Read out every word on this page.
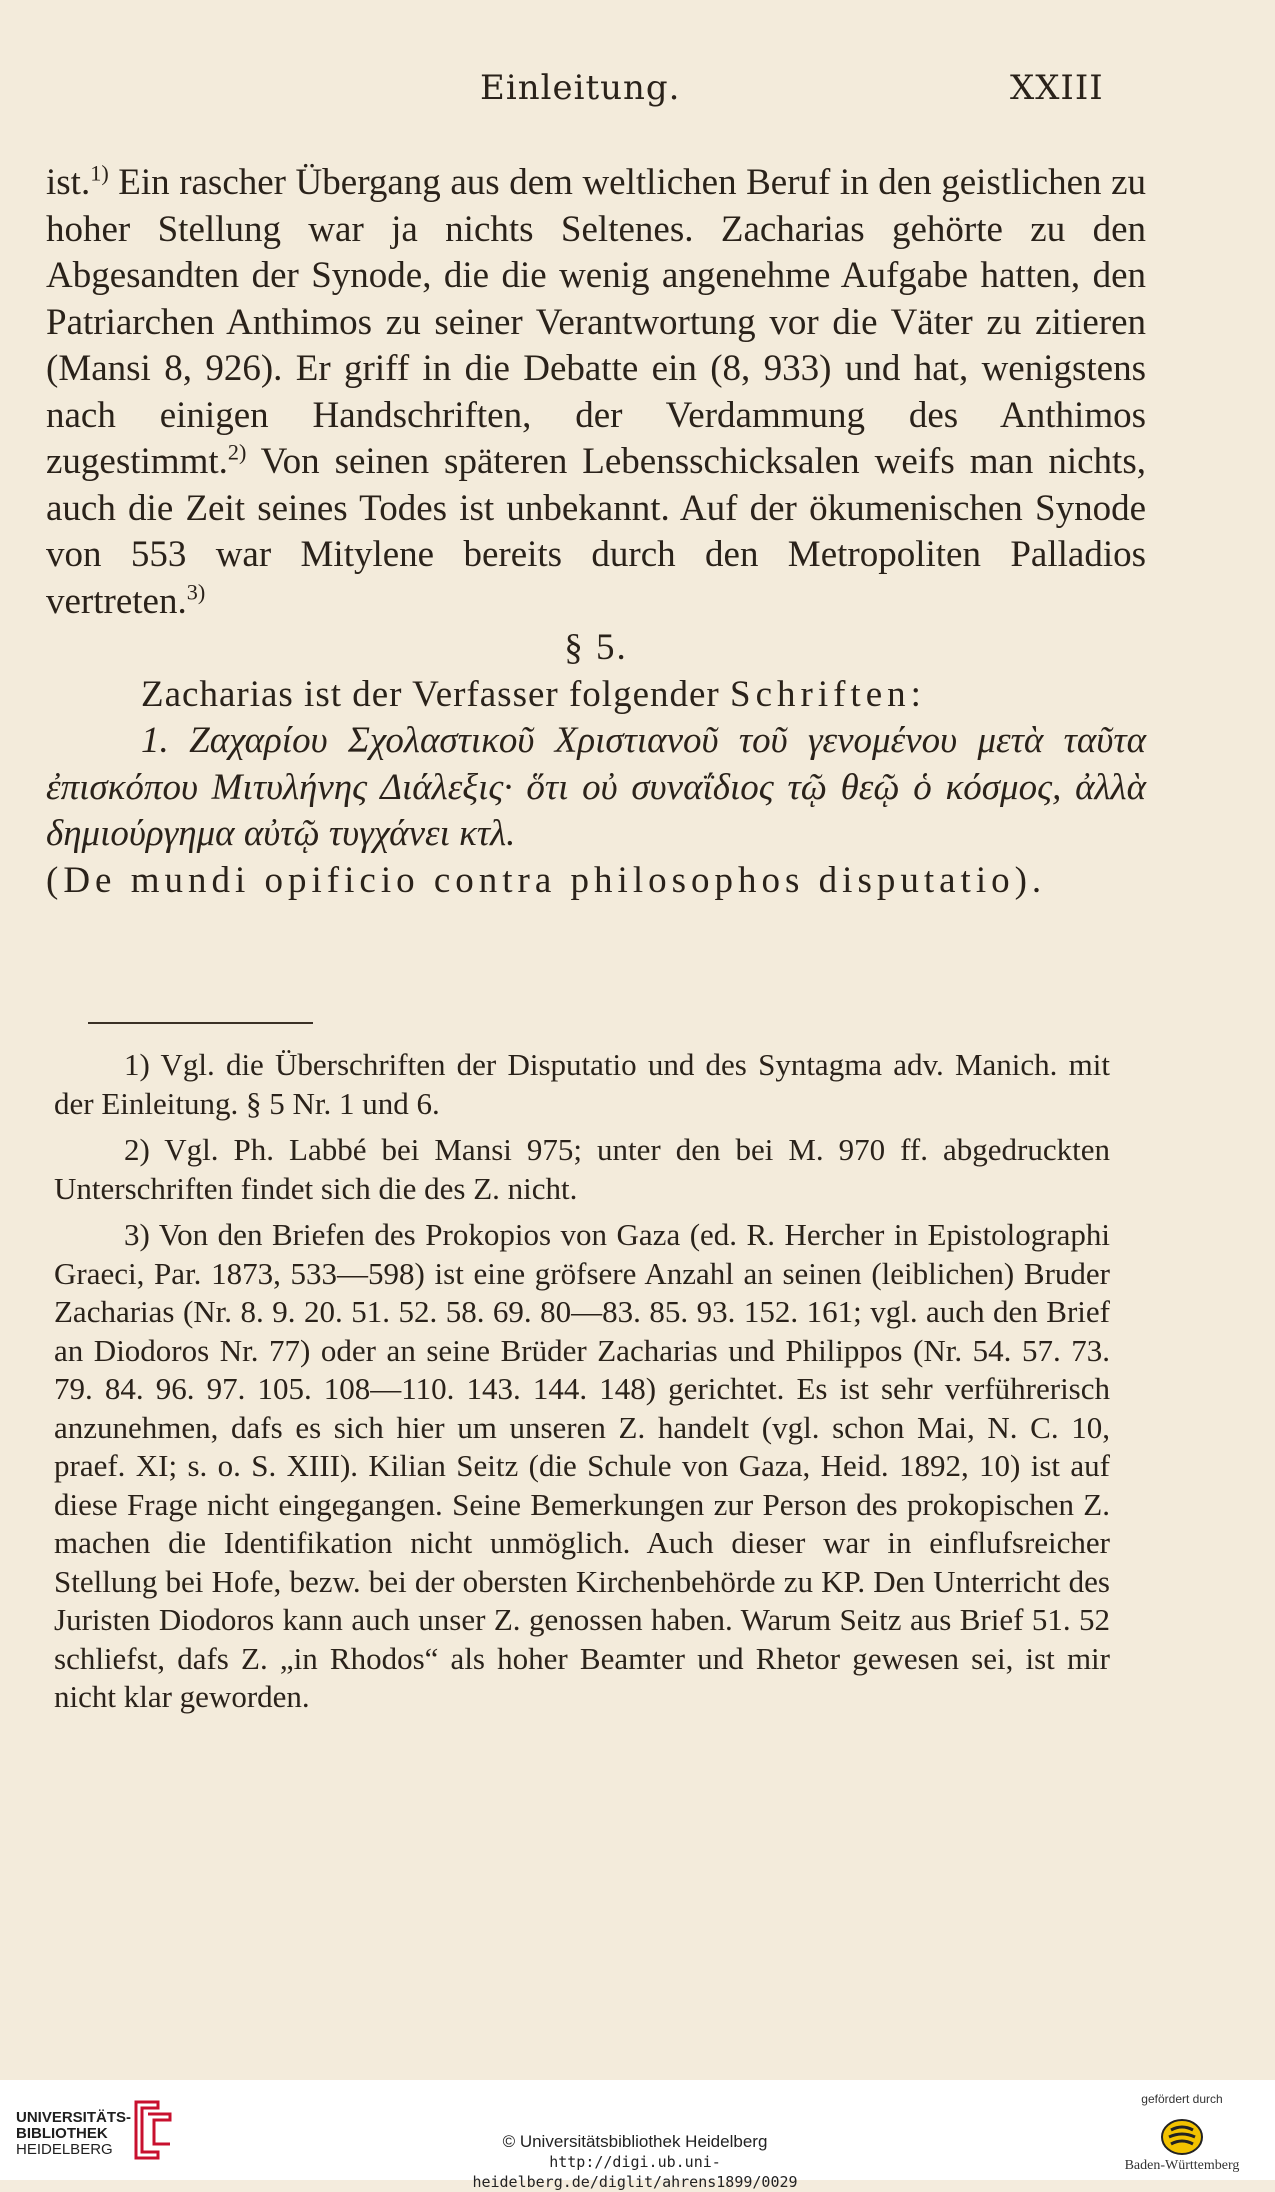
Einleitung.	XXIII

ist.$^{1)}$ Ein rascher Übergang aus dem weltlichen Beruf in den geistlichen zu hoher Stellung war ja nichts Seltenes. Zacharias gehörte zu den Abgesandten der Synode, die die wenig angenehme Aufgabe hatten, den Patriarchen Anthimos zu seiner Verantwortung vor die Väter zu zitieren (Mansi 8, 926). Er griff in die Debatte ein (8, 933) und hat, wenigstens nach einigen Handschriften, der Verdammung des Anthimos zugestimmt.$^{2)}$ Von seinen späteren Lebensschicksalen weifs man nichts, auch die Zeit seines Todes ist unbekannt. Auf der ökumenischen Synode von 553 war Mitylene bereits durch den Metropoliten Palladios vertreten.$^{3)}$

§ 5.

Zacharias ist der Verfasser folgender Schriften:

1. Ζαχαρίου Σχολαστικοῦ Χριστιανοῦ τοῦ γενομένου μετὰ ταῦτα ἐπισκόπου Μιτυλήνης Διάλεξις· ὅτι οὐ συναΐδιος τῷ θεῷ ὁ κόσμος, ἀλλὰ δημιούργημα αὐτῷ τυγχάνει κτλ.

(De mundi opificio contra philosophos disputatio).

1) Vgl. die Überschriften der Disputatio und des Syntagma adv. Manich. mit der Einleitung. § 5 Nr. 1 und 6.

2) Vgl. Ph. Labbé bei Mansi 975; unter den bei M. 970 ff. abgedruckten Unterschriften findet sich die des Z. nicht.

3) Von den Briefen des Prokopios von Gaza (ed. R. Hercher in Epistolographi Graeci, Par. 1873, 533—598) ist eine gröfsere Anzahl an seinen (leiblichen) Bruder Zacharias (Nr. 8. 9. 20. 51. 52. 58. 69. 80—83. 85. 93. 152. 161; vgl. auch den Brief an Diodoros Nr. 77) oder an seine Brüder Zacharias und Philippos (Nr. 54. 57. 73. 79. 84. 96. 97. 105. 108—110. 143. 144. 148) gerichtet. Es ist sehr verführerisch anzunehmen, dafs es sich hier um unseren Z. handelt (vgl. schon Mai, N. C. 10, praef. XI; s. o. S. XIII). Kilian Seitz (die Schule von Gaza, Heid. 1892, 10) ist auf diese Frage nicht eingegangen. Seine Bemerkungen zur Person des prokopischen Z. machen die Identifikation nicht unmöglich. Auch dieser war in einflufsreicher Stellung bei Hofe, bezw. bei der obersten Kirchenbehörde zu KP. Den Unterricht des Juristen Diodoros kann auch unser Z. genossen haben. Warum Seitz aus Brief 51. 52 schliefst, dafs Z. „in Rhodos“ als hoher Beamter und Rhetor gewesen sei, ist mir nicht klar geworden.

UNIVERSITÄTS-
BIBLIOTHEK
HEIDELBERG	© Universitätsbibliothek Heidelberg
http://digi.ub.uni-heidelberg.de/diglit/ahrens1899/0029
gefördert durch
Baden-Württemberg
